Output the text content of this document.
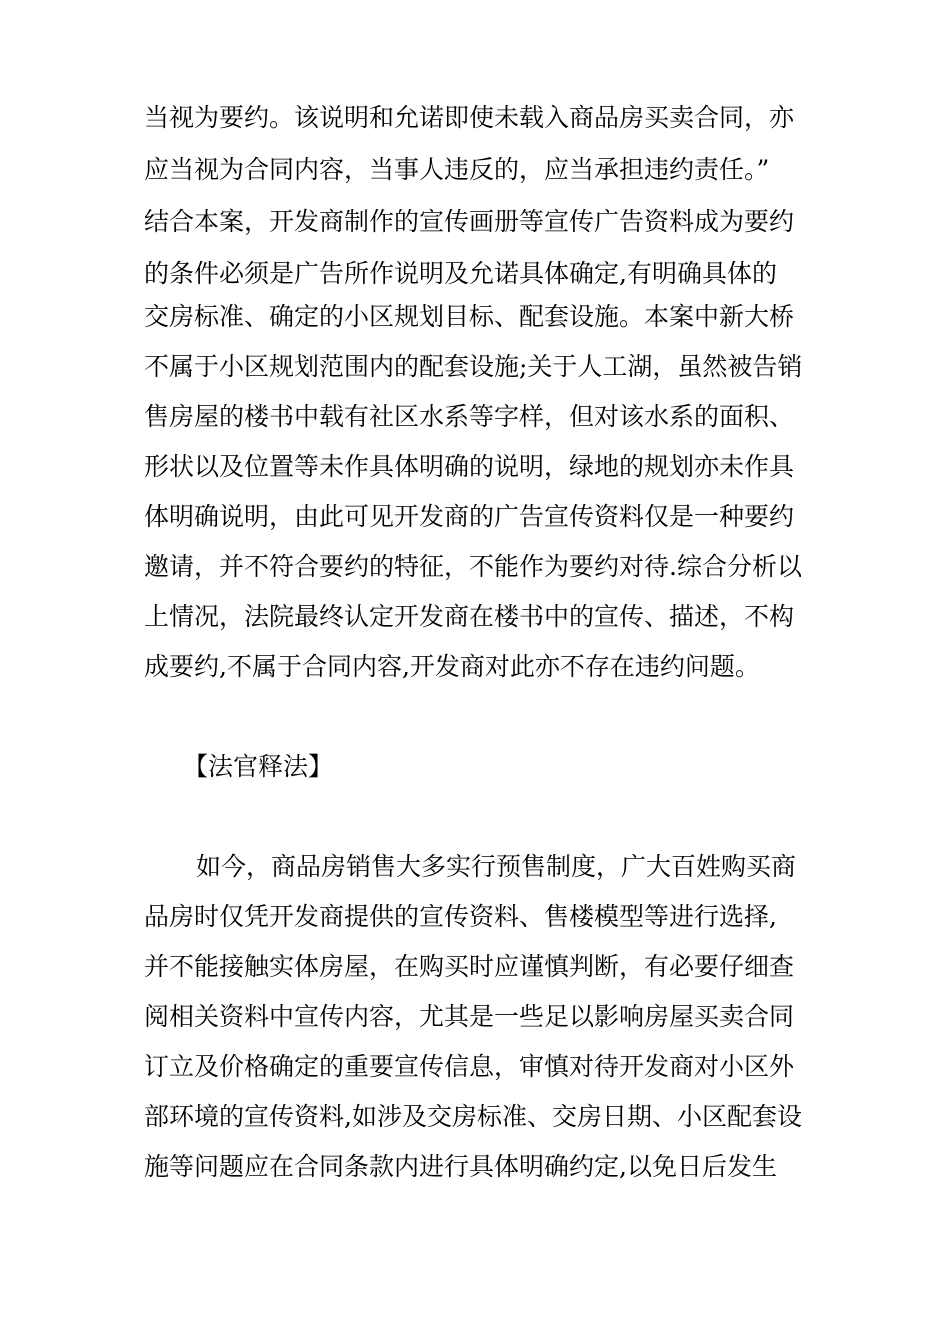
当视为要约。该说明和允诺即使未载入商品房买卖合同，亦
应当视为合同内容，当事人违反的，应当承担违约责任。”
结合本案，开发商制作的宣传画册等宣传广告资料成为要约
的条件必须是广告所作说明及允诺具体确定,有明确具体的
交房标准、确定的小区规划目标、配套设施。本案中新大桥
不属于小区规划范围内的配套设施;关于人工湖，虽然被告销
售房屋的楼书中载有社区水系等字样，但对该水系的面积、
形状以及位置等未作具体明确的说明，绿地的规划亦未作具
体明确说明，由此可见开发商的广告宣传资料仅是一种要约
邀请，并不符合要约的特征，不能作为要约对待.综合分析以
上情况，法院最终认定开发商在楼书中的宣传、描述，不构
成要约,不属于合同内容,开发商对此亦不存在违约问题。
【法官释法】
如今，商品房销售大多实行预售制度，广大百姓购买商
品房时仅凭开发商提供的宣传资料、售楼模型等进行选择,
并不能接触实体房屋，在购买时应谨慎判断，有必要仔细查
阅相关资料中宣传内容，尤其是一些足以影响房屋买卖合同
订立及价格确定的重要宣传信息，审慎对待开发商对小区外
部环境的宣传资料,如涉及交房标准、交房日期、小区配套设
施等问题应在合同条款内进行具体明确约定,以免日后发生
